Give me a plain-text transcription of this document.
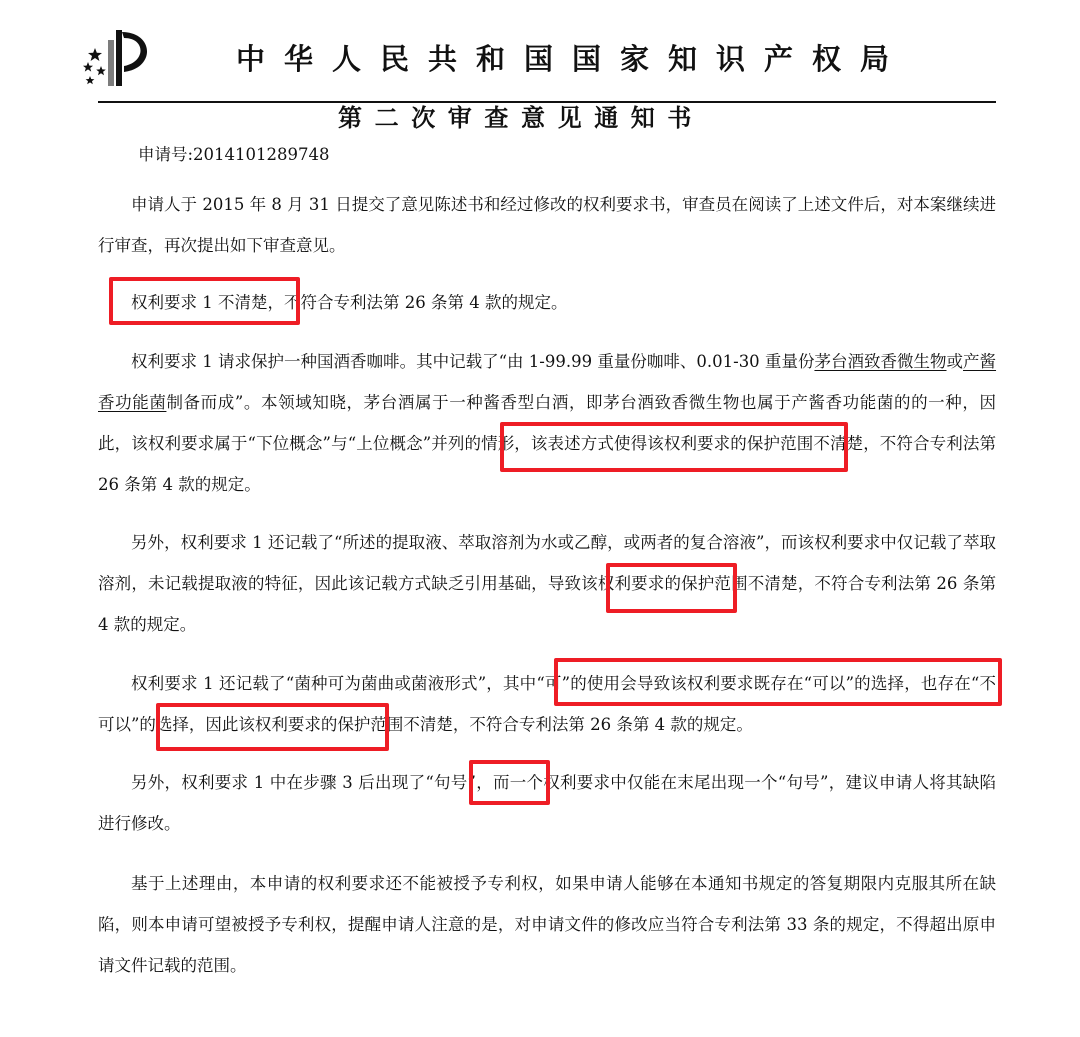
中华人民共和国国家知识产权局
第二次审查意见通知书
申请号:2014101289748
申请人于 2015 年 8 月 31 日提交了意见陈述书和经过修改的权利要求书，审查员在阅读了上述文件后，对本案继续进行审查，再次提出如下审查意见。
权利要求 1 不清楚，不符合专利法第 26 条第 4 款的规定。
权利要求 1 请求保护一种国酒香咖啡。其中记载了“由 1-99.99 重量份咖啡、0.01-30 重量份茅台酒致香微生物或产酱香功能菌制备而成”。本领域知晓，茅台酒属于一种酱香型白酒，即茅台酒致香微生物也属于产酱香功能菌的的一种，因此，该权利要求属于“下位概念”与“上位概念”并列的情形，该表述方式使得该权利要求的保护范围不清楚，不符合专利法第 26 条第 4 款的规定。
另外，权利要求 1 还记载了“所述的提取液、萃取溶剂为水或乙醇，或两者的复合溶液”，而该权利要求中仅记载了萃取溶剂，未记载提取液的特征，因此该记载方式缺乏引用基础，导致该权利要求的保护范围不清楚，不符合专利法第 26 条第 4 款的规定。
权利要求 1 还记载了“菌种可为菌曲或菌液形式”，其中“可”的使用会导致该权利要求既存在“可以”的选择，也存在“不可以”的选择，因此该权利要求的保护范围不清楚，不符合专利法第 26 条第 4 款的规定。
另外，权利要求 1 中在步骤 3 后出现了“句号”，而一个权利要求中仅能在末尾出现一个“句号”，建议申请人将其缺陷进行修改。
基于上述理由，本申请的权利要求还不能被授予专利权，如果申请人能够在本通知书规定的答复期限内克服其所在缺陷，则本申请可望被授予专利权，提醒申请人注意的是，对申请文件的修改应当符合专利法第 33 条的规定，不得超出原申请文件记载的范围。
